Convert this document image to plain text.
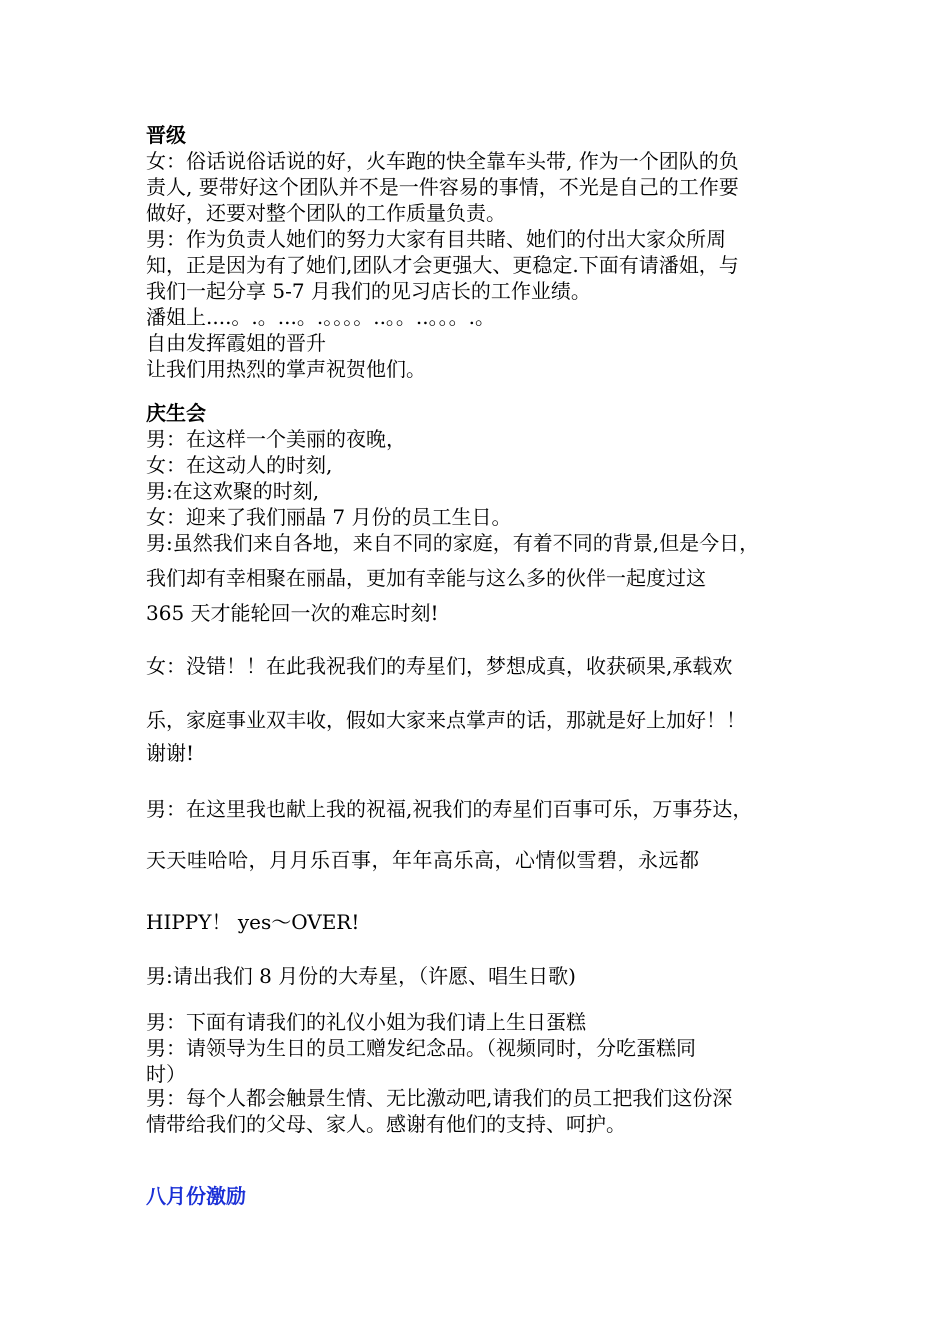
晋级
女：俗话说俗话说的好，火车跑的快全靠车头带, 作为一个团队的负
责人, 要带好这个团队并不是一件容易的事情，不光是自己的工作要
做好，还要对整个团队的工作质量负责。
男：作为负责人她们的努力大家有目共睹、她们的付出大家众所周
知，正是因为有了她们,团队才会更强大、更稳定.下面有请潘姐，与
我们一起分享 5-7 月我们的见习店长的工作业绩。
潘姐上....。.。...。.。。。。..。。..。。。.。
自由发挥霞姐的晋升
让我们用热烈的掌声祝贺他们。
庆生会
男：在这样一个美丽的夜晚，
女：在这动人的时刻,
男:在这欢聚的时刻,
女：迎来了我们丽晶 7 月份的员工生日。
男:虽然我们来自各地，来自不同的家庭，有着不同的背景,但是今日，
我们却有幸相聚在丽晶，更加有幸能与这么多的伙伴一起度过这
365 天才能轮回一次的难忘时刻!
女：没错！！在此我祝我们的寿星们，梦想成真，收获硕果,承载欢
乐，家庭事业双丰收，假如大家来点掌声的话，那就是好上加好！！
谢谢!
男：在这里我也献上我的祝福,祝我们的寿星们百事可乐，万事芬达，
天天哇哈哈，月月乐百事，年年高乐高，心情似雪碧，永远都
HIPPY！ yes～OVER!
男:请出我们 8 月份的大寿星，（许愿、唱生日歌)
男：下面有请我们的礼仪小姐为我们请上生日蛋糕
男：请领导为生日的员工赠发纪念品。（视频同时，分吃蛋糕同
时）
男：每个人都会触景生情、无比激动吧,请我们的员工把我们这份深
情带给我们的父母、家人。感谢有他们的支持、呵护。
八月份激励
